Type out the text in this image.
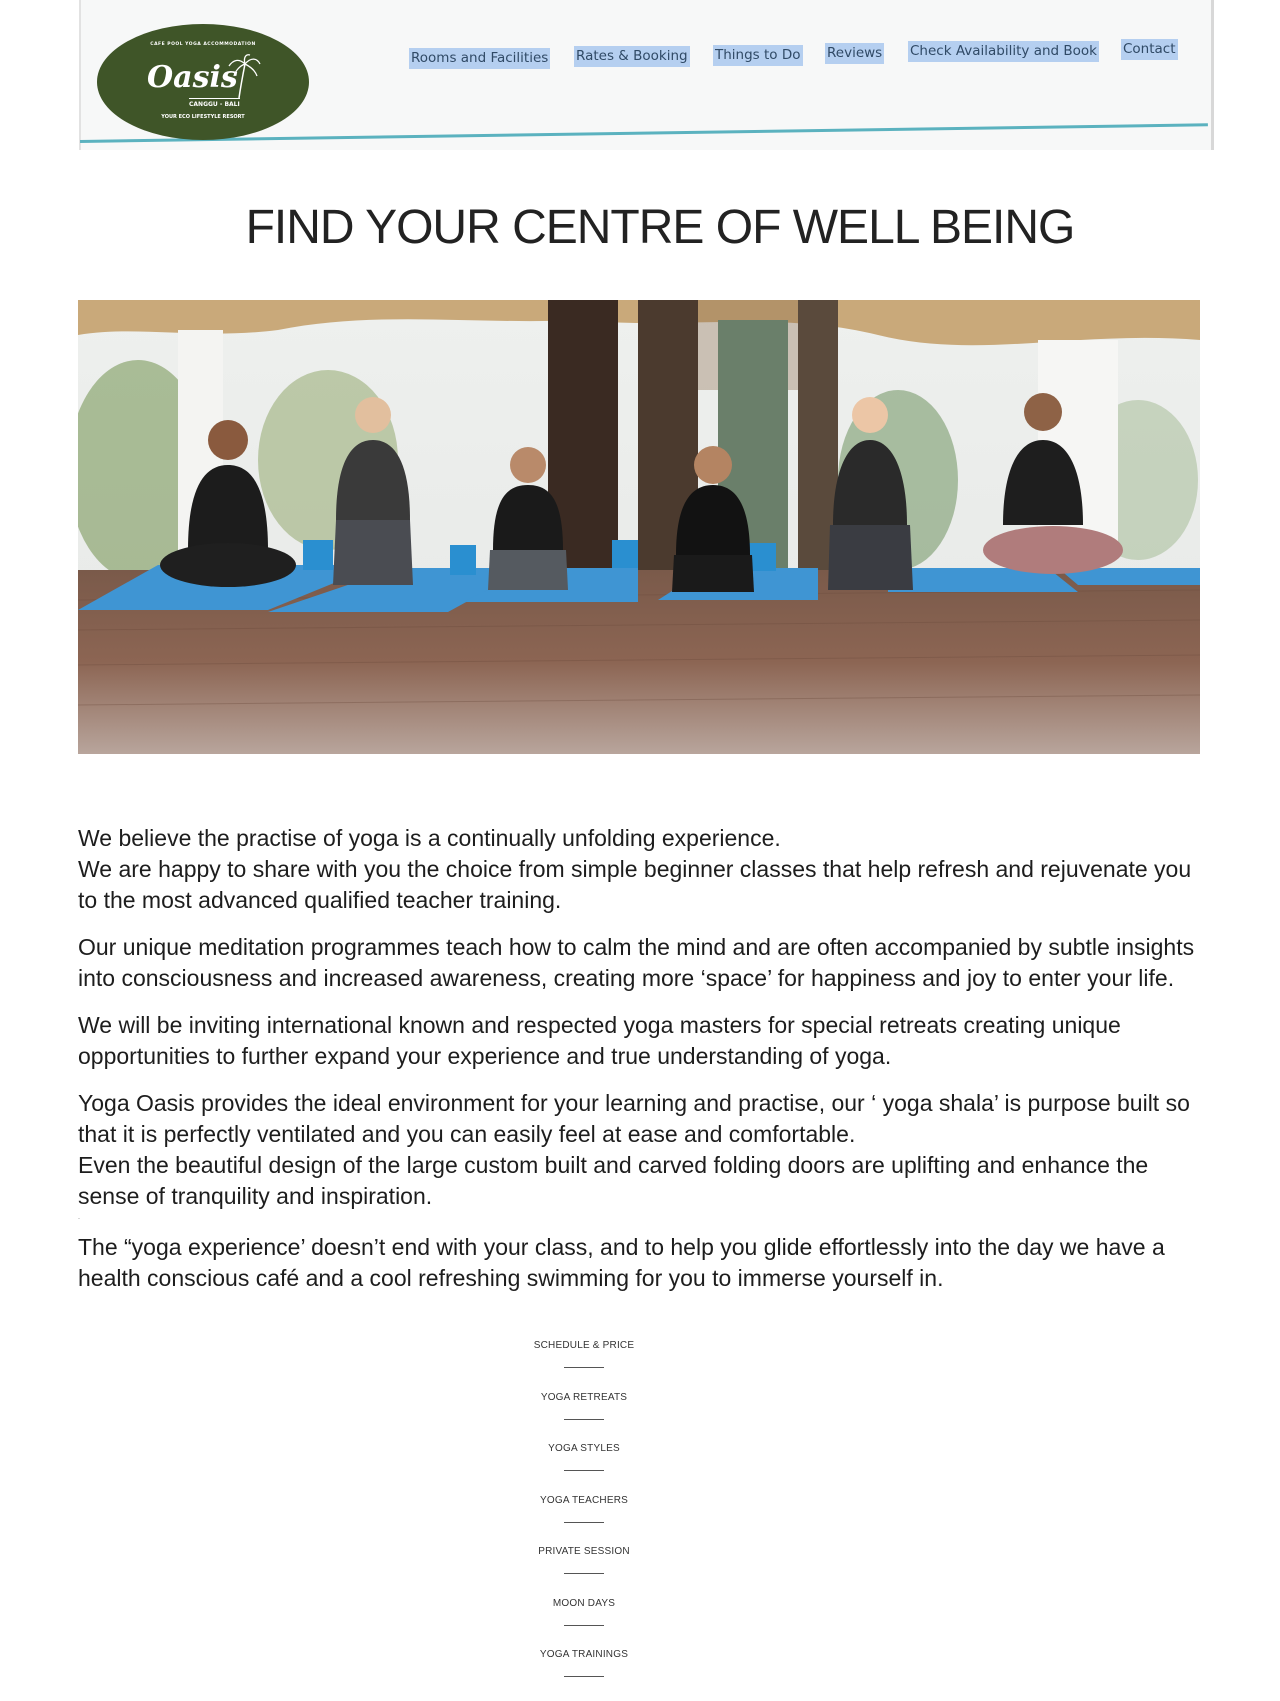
CAFE POOL YOGA ACCOMMODATION
Oasis
CANGGU - BALI
YOUR ECO LIFESTYLE RESORT
Rooms and Facilities Rates & Booking Things to Do Reviews Check Availability and Book Contact
FIND YOUR CENTRE OF WELL BEING

We believe the practise of yoga is a continually unfolding experience.
We are happy to share with you the choice from simple beginner classes that help refresh and rejuvenate you to the most advanced qualified teacher training.

Our unique meditation programmes teach how to calm the mind and are often accompanied by subtle insights into consciousness and increased awareness, creating more ‘space’ for happiness and joy to enter your life.

We will be inviting international known and respected yoga masters for special retreats creating unique opportunities to further expand your experience and true understanding of yoga.

Yoga Oasis provides the ideal environment for your learning and practise, our ‘ yoga shala’ is purpose built so that it is perfectly ventilated and you can easily feel at ease and comfortable.
Even the beautiful design of the large custom built and carved folding doors are uplifting and enhance the sense of tranquility and inspiration.

·

The “yoga experience’ doesn’t end with your class, and to help you glide effortlessly into the day we have a health conscious café and a cool refreshing swimming for you to immerse yourself in.

SCHEDULE & PRICE
YOGA RETREATS
YOGA STYLES
YOGA TEACHERS
PRIVATE SESSION
MOON DAYS
YOGA TRAININGS
